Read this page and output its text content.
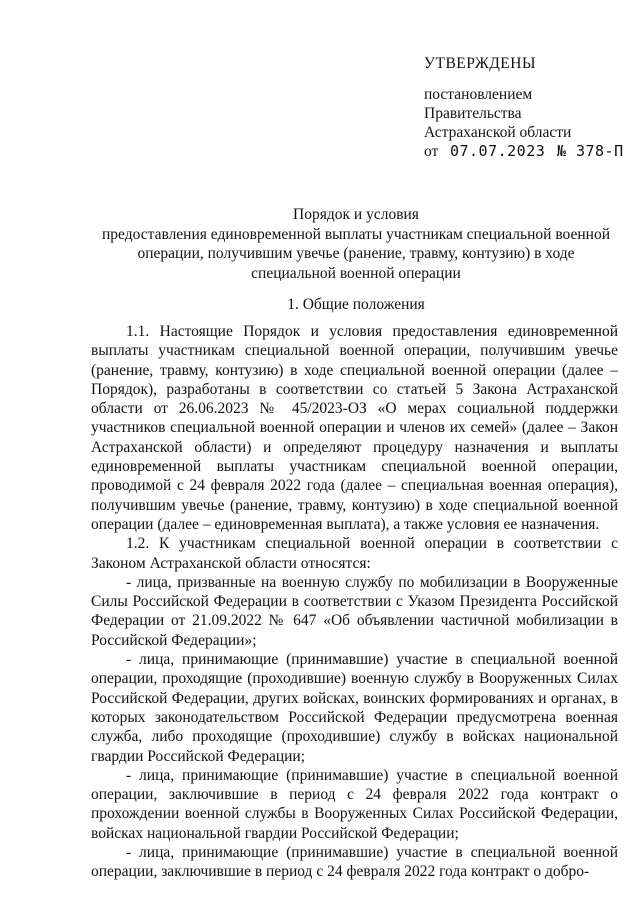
УТВЕРЖДЕНЫ
постановлением
Правительства
Астраханской области
от 07.07.2023 № 378-П
Порядок и условия
предоставления единовременной выплаты участникам специальной военной операции, получившим увечье (ранение, травму, контузию) в ходе специальной военной операции
1. Общие положения

1.1. Настоящие Порядок и условия предоставления единовременной выплаты участникам специальной военной операции, получившим увечье (ранение, травму, контузию) в ходе специальной военной операции (далее – Порядок), разработаны в соответствии со статьей 5 Закона Астраханской области от 26.06.2023 № 45/2023-ОЗ «О мерах социальной поддержки участников специальной военной операции и членов их семей» (далее – Закон Астраханской области) и определяют процедуру назначения и выплаты единовременной выплаты участникам специальной военной операции, проводимой с 24 февраля 2022 года (далее – специальная военная операция), получившим увечье (ранение, травму, контузию) в ходе специальной военной операции (далее – единовременная выплата), а также условия ее назначения.

1.2. К участникам специальной военной операции в соответствии с Законом Астраханской области относятся:

- лица, призванные на военную службу по мобилизации в Вооруженные Силы Российской Федерации в соответствии с Указом Президента Российской Федерации от 21.09.2022 № 647 «Об объявлении частичной мобилизации в Российской Федерации»;

- лица, принимающие (принимавшие) участие в специальной военной операции, проходящие (проходившие) военную службу в Вооруженных Силах Российской Федерации, других войсках, воинских формированиях и органах, в которых законодательством Российской Федерации предусмотрена военная служба, либо проходящие (проходившие) службу в войсках национальной гвардии Российской Федерации;

- лица, принимающие (принимавшие) участие в специальной военной операции, заключившие в период с 24 февраля 2022 года контракт о прохождении военной службы в Вооруженных Силах Российской Федерации, войсках национальной гвардии Российской Федерации;

- лица, принимающие (принимавшие) участие в специальной военной операции, заключившие в период с 24 февраля 2022 года контракт о добро-
